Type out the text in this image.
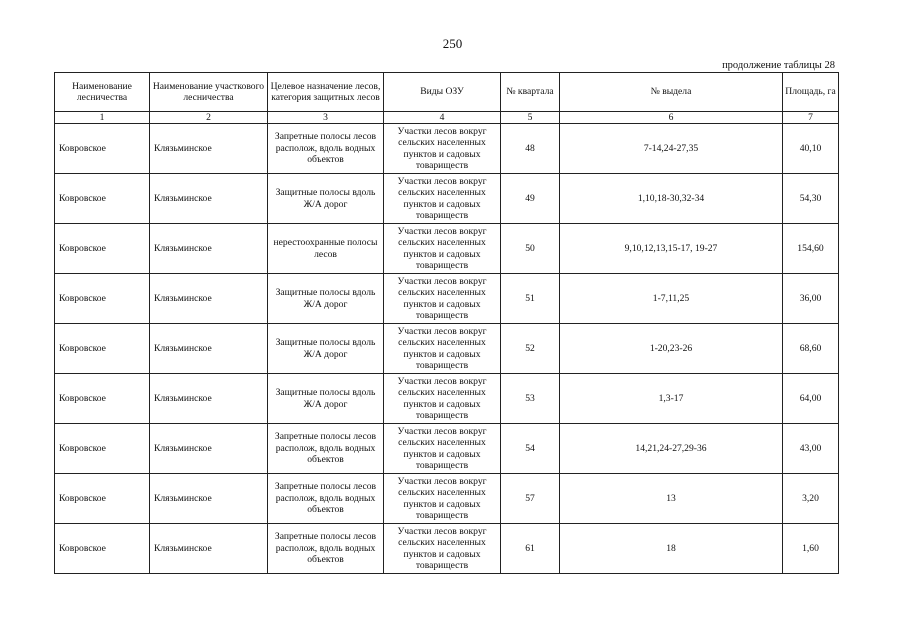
250
продолжение таблицы 28
Наименование лесничества	Наименование участкового лесничества	Целевое назначение лесов, категория защитных лесов	Виды ОЗУ	№ квартала	№ выдела	Площадь, га
1	2	3	4	5	6	7
Ковровское	Клязьминское	Запретные полосы лесов располож, вдоль водных объектов	Участки лесов вокруг сельских населенных пунктов и садовых товариществ	48	7-14,24-27,35	40,10
Ковровское	Клязьминское	Защитные полосы вдоль Ж/А дорог	Участки лесов вокруг сельских населенных пунктов и садовых товариществ	49	1,10,18-30,32-34	54,30
Ковровское	Клязьминское	нерестоохранные полосы лесов	Участки лесов вокруг сельских населенных пунктов и садовых товариществ	50	9,10,12,13,15-17, 19-27	154,60
Ковровское	Клязьминское	Защитные полосы вдоль Ж/А дорог	Участки лесов вокруг сельских населенных пунктов и садовых товариществ	51	1-7,11,25	36,00
Ковровское	Клязьминское	Защитные полосы вдоль Ж/А дорог	Участки лесов вокруг сельских населенных пунктов и садовых товариществ	52	1-20,23-26	68,60
Ковровское	Клязьминское	Защитные полосы вдоль Ж/А дорог	Участки лесов вокруг сельских населенных пунктов и садовых товариществ	53	1,3-17	64,00
Ковровское	Клязьминское	Запретные полосы лесов располож, вдоль водных объектов	Участки лесов вокруг сельских населенных пунктов и садовых товариществ	54	14,21,24-27,29-36	43,00
Ковровское	Клязьминское	Запретные полосы лесов располож, вдоль водных объектов	Участки лесов вокруг сельских населенных пунктов и садовых товариществ	57	13	3,20
Ковровское	Клязьминское	Запретные полосы лесов располож, вдоль водных объектов	Участки лесов вокруг сельских населенных пунктов и садовых товариществ	61	18	1,60
